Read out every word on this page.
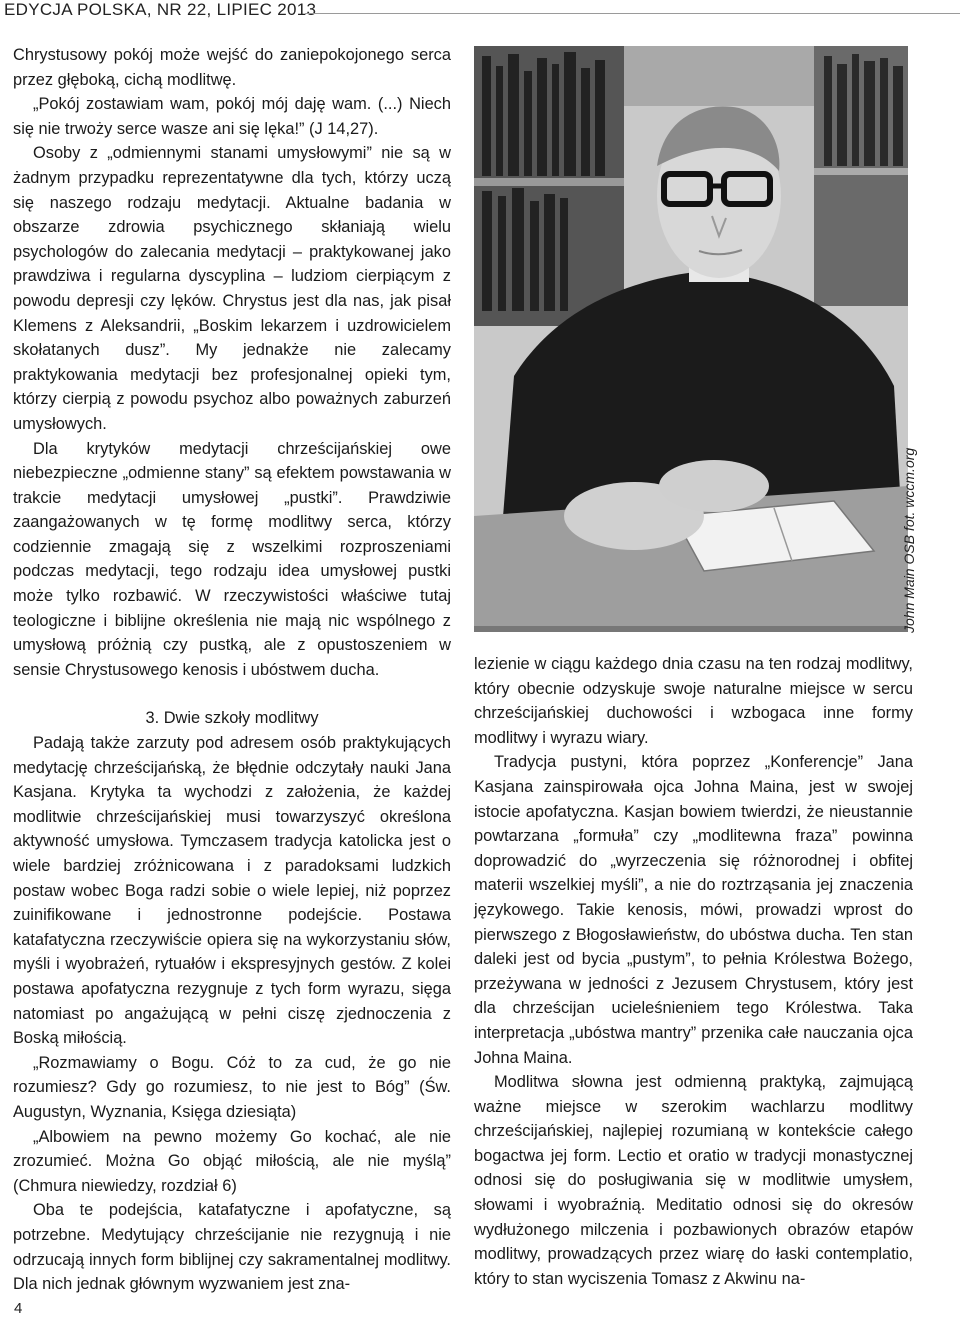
EDYCJA POLSKA, NR 22, LIPIEC 2013

Chrystusowy pokój może wejść do zaniepokojonego serca przez głęboką, cichą modlitwę.

„Pokój zostawiam wam, pokój mój daję wam. (...) Niech się nie trwoży serce wasze ani się lęka!” (J 14,27).

Osoby z „odmiennymi stanami umysłowymi” nie są w żadnym przypadku reprezentatywne dla tych, którzy uczą się naszego rodzaju medytacji. Aktualne badania w obszarze zdrowia psychicznego skłaniają wielu psychologów do zalecania medytacji – praktykowanej jako prawdziwa i regularna dyscyplina – ludziom cierpiącym z powodu depresji czy lęków. Chrystus jest dla nas, jak pisał Klemens z Aleksandrii, „Boskim lekarzem i uzdrowicielem skołatanych dusz”. My jednakże nie zalecamy praktykowania medytacji bez profesjonalnej opieki tym, którzy cierpią z powodu psychoz albo poważnych zaburzeń umysłowych.

Dla krytyków medytacji chrześcijańskiej owe niebezpieczne „odmienne stany” są efektem powstawania w trakcie medytacji umysłowej „pustki”. Prawdziwie zaangażowanych w tę formę modlitwy serca, którzy codziennie zmagają się z wszelkimi rozproszeniami podczas medytacji, tego rodzaju idea umysłowej pustki może tylko rozbawić. W rzeczywistości właściwe tutaj teologiczne i biblijne określenia nie mają nic wspólnego z umysłową próżnią czy pustką, ale z opustoszeniem w sensie Chrystusowego kenosis i ubóstwem ducha.

3. Dwie szkoły modlitwy

Padają także zarzuty pod adresem osób praktykujących medytację chrześcijańską, że błędnie odczytały nauki Jana Kasjana. Krytyka ta wychodzi z założenia, że każdej modlitwie chrześcijańskiej musi towarzyszyć określona aktywność umysłowa. Tymczasem tradycja katolicka jest o wiele bardziej zróżnicowana i z paradoksami ludzkich postaw wobec Boga radzi sobie o wiele lepiej, niż poprzez zuinifikowane i jednostronne podejście. Postawa katafatyczna rzeczywiście opiera się na wykorzystaniu słów, myśli i wyobrażeń, rytuałów i ekspresyjnych gestów. Z kolei postawa apofatyczna rezygnuje z tych form wyrazu, sięga natomiast po angażującą w pełni ciszę zjednoczenia z Boską miłością.

„Rozmawiamy o Bogu. Cóż to za cud, że go nie rozumiesz? Gdy go rozumiesz, to nie jest to Bóg” (Św. Augustyn, Wyznania, Księga dziesiąta)

„Albowiem na pewno możemy Go kochać, ale nie zrozumieć. Można Go objąć miłością, ale nie myślą” (Chmura niewiedzy, rozdział 6)

Oba te podejścia, katafatyczne i apofatyczne, są potrzebne. Medytujący chrześcijanie nie rezygnują i nie odrzucają innych form biblijnej czy sakramentalnej modlitwy. Dla nich jednak głównym wyzwaniem jest zna-

John Main OSB fot. wccm.org

lezienie w ciągu każdego dnia czasu na ten rodzaj modlitwy, który obecnie odzyskuje swoje naturalne miejsce w sercu chrześcijańskiej duchowości i wzbogaca inne formy modlitwy i wyrazu wiary.

Tradycja pustyni, która poprzez „Konferencje” Jana Kasjana zainspirowała ojca Johna Maina, jest w swojej istocie apofatyczna. Kasjan bowiem twierdzi, że nieustannie powtarzana „formuła” czy „modlitewna fraza” powinna doprowadzić do „wyrzeczenia się różnorodnej i obfitej materii wszelkiej myśli”, a nie do roztrząsania jej znaczenia językowego. Takie kenosis, mówi, prowadzi wprost do pierwszego z Błogosławieństw, do ubóstwa ducha. Ten stan daleki jest od bycia „pustym”, to pełnia Królestwa Bożego, przeżywana w jedności z Jezusem Chrystusem, który jest dla chrześcijan ucieleśnieniem tego Królestwa. Taka interpretacja „ubóstwa mantry” przenika całe nauczania ojca Johna Maina.

Modlitwa słowna jest odmienną praktyką, zajmującą ważne miejsce w szerokim wachlarzu modlitwy chrześcijańskiej, najlepiej rozumianą w kontekście całego bogactwa jej form. Lectio et oratio w tradycji monastycznej odnosi się do posługiwania się w modlitwie umysłem, słowami i wyobraźnią. Meditatio odnosi się do okresów wydłużonego milczenia i pozbawionych obrazów etapów modlitwy, prowadzących przez wiarę do łaski contemplatio, który to stan wyciszenia Tomasz z Akwinu na-

4
